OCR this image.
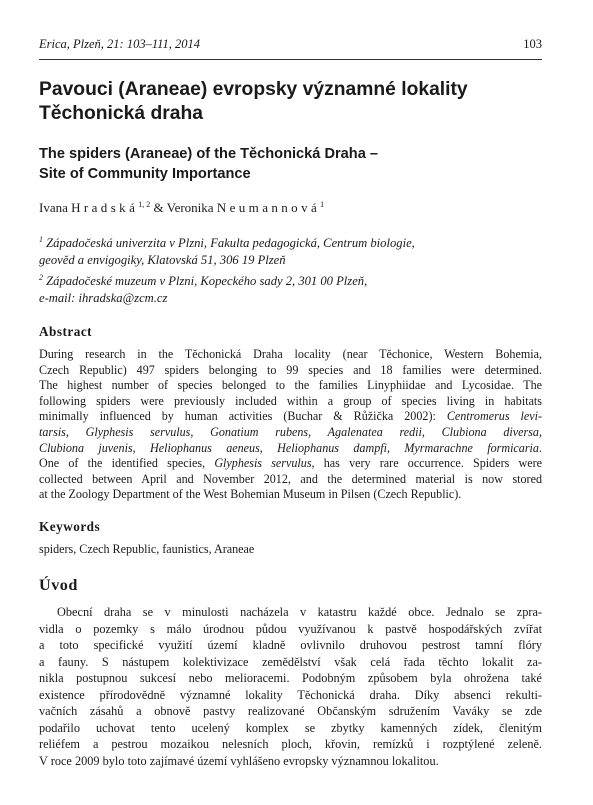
Erica, Plzeň, 21: 103–111, 2014	103
Pavouci (Araneae) evropsky významné lokality
Těchonická draha
The spiders (Araneae) of the Těchonická Draha –
Site of Community Importance
Ivana Hradská$^{1, 2}$ & Veronika Neumannová$^1$
$^1$ Západočeská univerzita v Plzni, Fakulta pedagogická, Centrum biologie,
geověd a envigogiky, Klatovská 51, 306 19 Plzeň
$^2$ Západočeské muzeum v Plzni, Kopeckého sady 2, 301 00 Plzeň,
e-mail: ihradska@zcm.cz
Abstract
During research in the Těchonická Draha locality (near Těchonice, Western Bohemia,
Czech Republic) 497 spiders belonging to 99 species and 18 families were determined.
The highest number of species belonged to the families Linyphiidae and Lycosidae. The
following spiders were previously included within a group of species living in habitats
minimally influenced by human activities (Buchar & Růžička 2002): Centromerus levi-
tarsis, Glyphesis servulus, Gonatium rubens, Agalenatea redii, Clubiona diversa,
Clubiona juvenis, Heliophanus aeneus, Heliophanus dampfi, Myrmarachne formicaria.
One of the identified species, Glyphesis servulus, has very rare occurrence. Spiders were
collected between April and November 2012, and the determined material is now stored
at the Zoology Department of the West Bohemian Museum in Pilsen (Czech Republic).
Keywords
spiders, Czech Republic, faunistics, Araneae
Úvod
Obecní draha se v minulosti nacházela v katastru každé obce. Jednalo se zpra-
vidla o pozemky s málo úrodnou půdou využívanou k pastvě hospodářských zvířat
a toto specifické využití území kladně ovlivnilo druhovou pestrost tamní flóry
a fauny. S nástupem kolektivizace zemědělství však celá řada těchto lokalit za-
nikla postupnou sukcesí nebo melioracemi. Podobným způsobem byla ohrožena také
existence přírodovědně významné lokality Těchonická draha. Díky absenci rekulti-
vačních zásahů a obnově pastvy realizované Občanským sdružením Vaváky se zde
podařilo uchovat tento ucelený komplex se zbytky kamenných zídek, členitým
reliéfem a pestrou mozaikou nelesních ploch, křovin, remízků i rozptýlené zeleně.
V roce 2009 bylo toto zajímavé území vyhlášeno evropsky významnou lokalitou.
